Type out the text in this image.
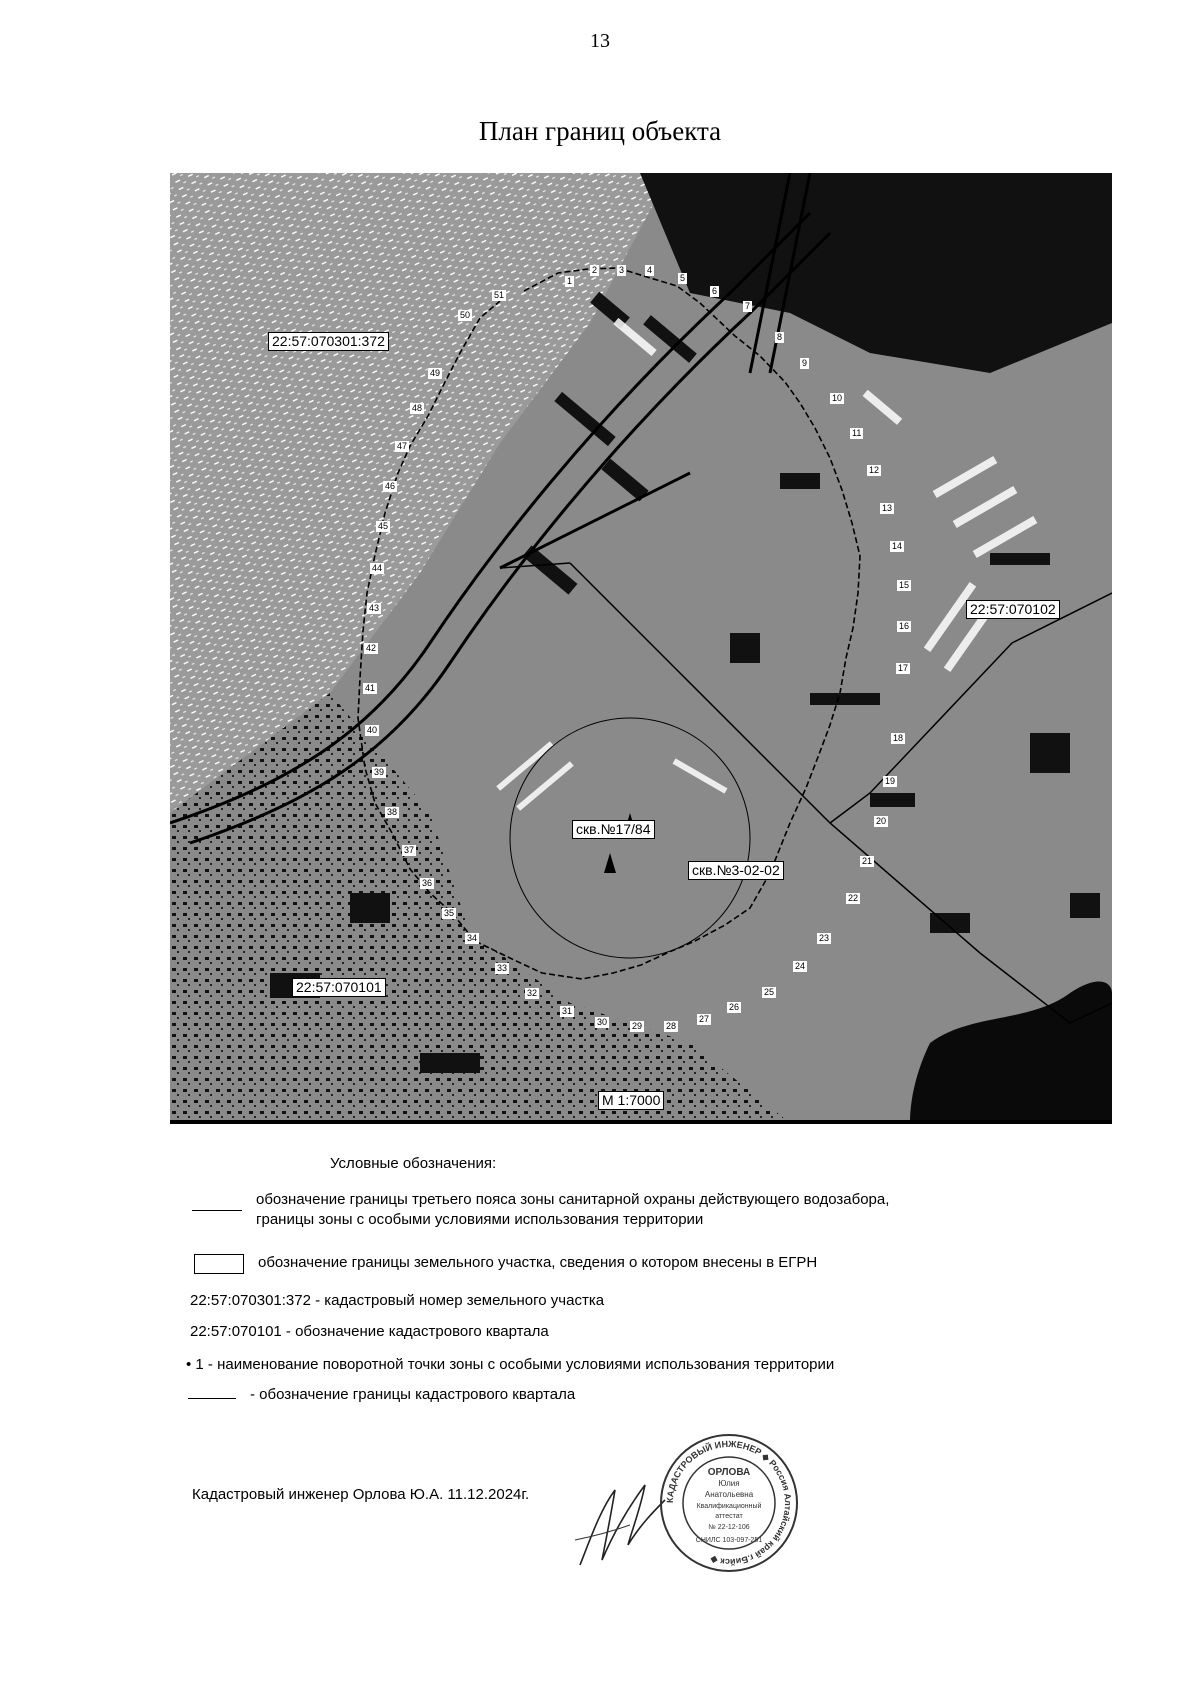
13
План границ объекта
22:57:070301:372
22:57:070102
22:57:070101
скв.№17/84
скв.№3-02-02
М 1:7000
1
2 3	4
5
6
7
8
9
10
11
12
13
14
15
16
17
18
19
20
21
22
23
24
25
26
27
28
29
30
31
32
33
34
35
36
37
38
39
40
41
42
43
44
45
46
47
48
49
50
51
Условные обозначения:
обозначение границы третьего пояса зоны санитарной охраны действующего водозабора,
границы зоны с особыми условиями использования территории
обозначение границы земельного участка, сведения о котором внесены в ЕГРН
22:57:070301:372 - кадастровый номер земельного участка
22:57:070101 - обозначение кадастрового квартала
• 1 - наименование поворотной точки зоны с особыми условиями использования территории
- обозначение границы кадастрового квартала
Кадастровый инженер Орлова Ю.А. 11.12.2024г.	КАДАСТРОВЫЙ ИНЖЕНЕР ◆ Россия Алтайский край г.Бийск ◆
ОРЛОВА
Юлия
Анатольевна
Квалификационный
аттестат
№ 22-12-106
СНИЛС 103-097-251
